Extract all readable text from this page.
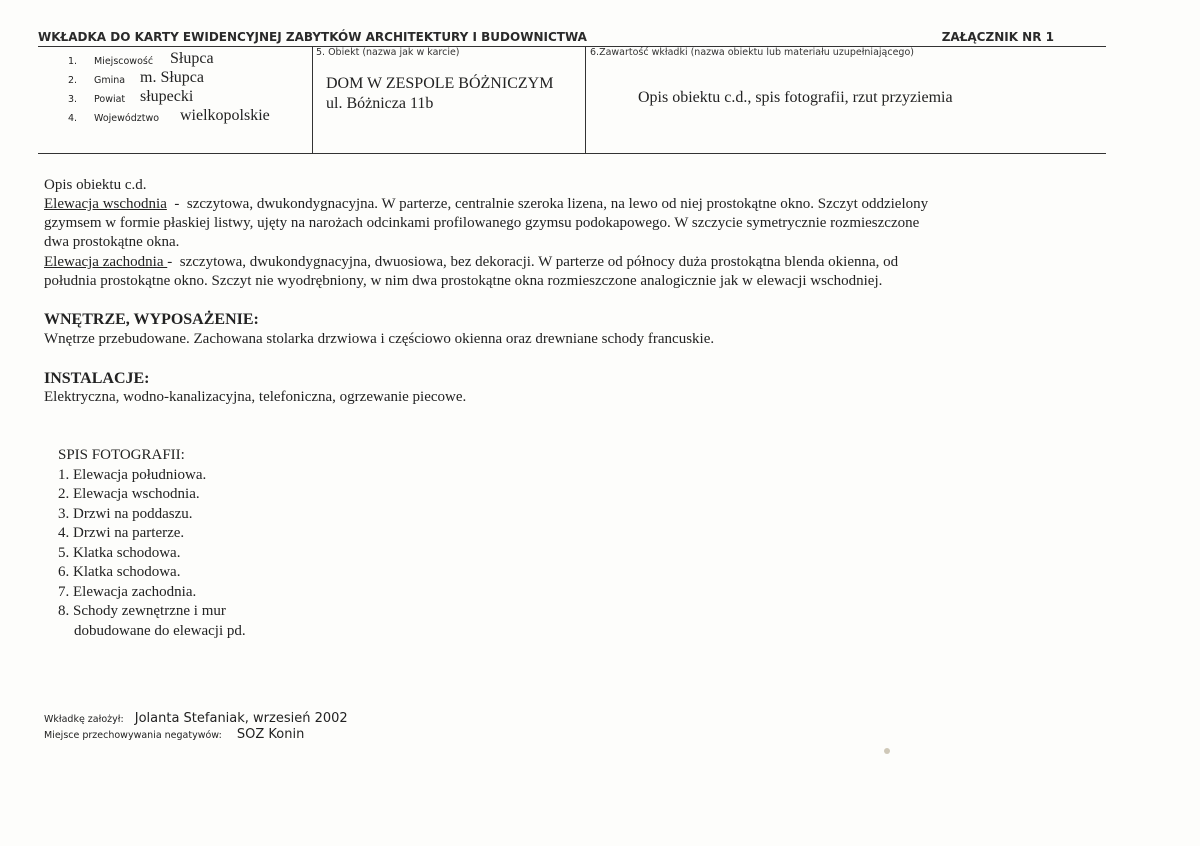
WKŁADKA DO KARTY EWIDENCYJNEJ ZABYTKÓW ARCHITEKTURY I BUDOWNICTWA	ZAŁĄCZNIK NR 1
1. Miejscowość Słupca
2. Gmina m. Słupca
3. Powiat słupecki
4. Województwo wielkopolskie
5. Obiekt (nazwa jak w karcie)
DOM W ZESPOLE BÓŻNICZYM
ul. Bóżnicza 11b
6.Zawartość wkładki (nazwa obiektu lub materiału uzupełniającego)
Opis obiektu c.d., spis fotografii, rzut przyziemia
Opis obiektu c.d.
Elewacja wschodnia  -  szczytowa, dwukondygnacyjna. W parterze, centralnie szeroka lizena, na lewo od niej prostokątne okno. Szczyt oddzielony
gzymsem w formie płaskiej listwy, ujęty na narożach odcinkami profilowanego gzymsu podokapowego. W szczycie symetrycznie rozmieszczone
dwa prostokątne okna.
Elewacja zachodnia -  szczytowa, dwukondygnacyjna, dwuosiowa, bez dekoracji. W parterze od północy duża prostokątna blenda okienna, od
południa prostokątne okno. Szczyt nie wyodrębniony, w nim dwa prostokątne okna rozmieszczone analogicznie jak w elewacji wschodniej.
WNĘTRZE, WYPOSAŻENIE:
Wnętrze przebudowane. Zachowana stolarka drzwiowa i częściowo okienna oraz drewniane schody francuskie.
INSTALACJE:
Elektryczna, wodno-kanalizacyjna, telefoniczna, ogrzewanie piecowe.
SPIS FOTOGRAFII:
1. Elewacja południowa.
2. Elewacja wschodnia.
3. Drzwi na poddaszu.
4. Drzwi na parterze.
5. Klatka schodowa.
6. Klatka schodowa.
7. Elewacja zachodnia.
8. Schody zewnętrzne i mur
dobudowane do elewacji pd.
Wkładkę założył: Jolanta Stefaniak, wrzesień 2002
Miejsce przechowywania negatywów: SOZ Konin
